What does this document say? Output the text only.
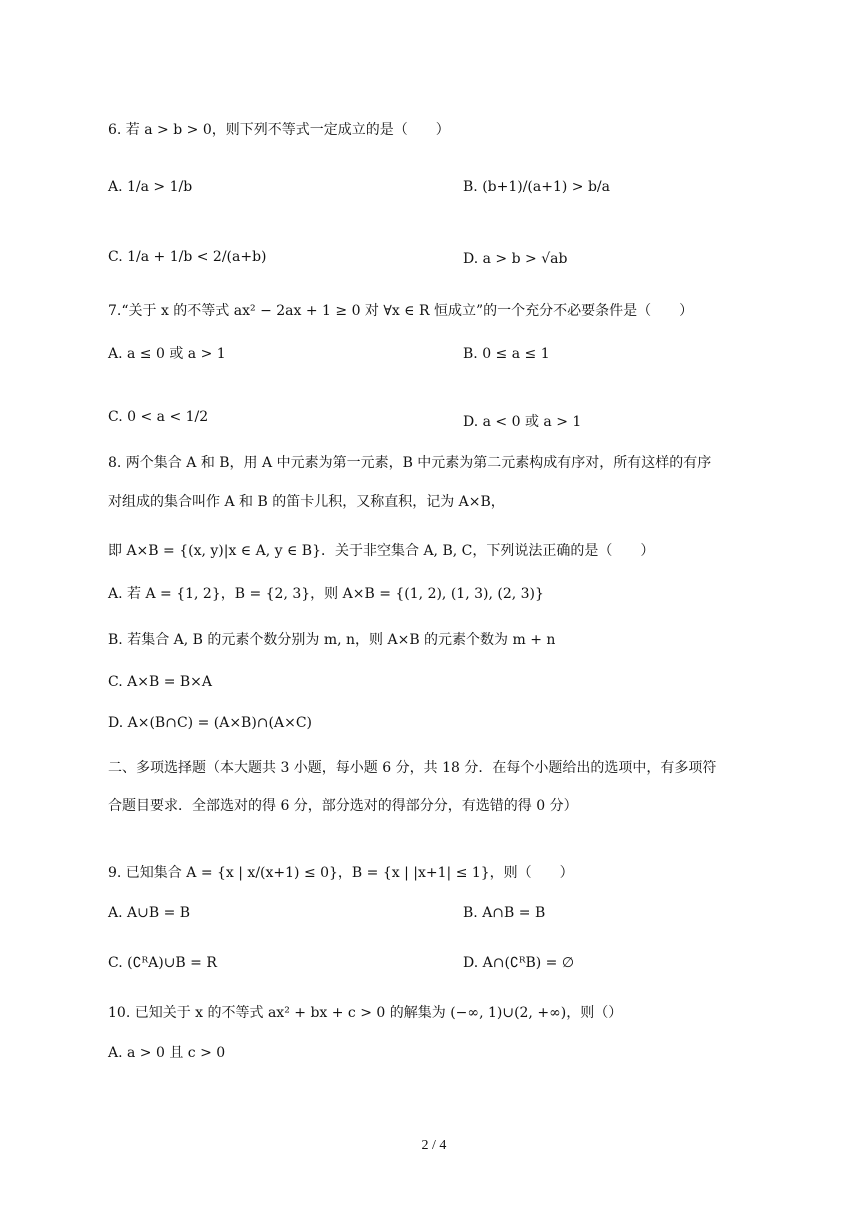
6. 若 a > b > 0，则下列不等式一定成立的是（　　）
A. 1/a > 1/b	B. (b+1)/(a+1) > b/a
C. 1/a + 1/b < 2/(a+b)	D. a > b > √ab
7.“关于 x 的不等式 ax² − 2ax + 1 ≥ 0 对 ∀x ∈ R 恒成立”的一个充分不必要条件是（　　）
A. a ≤ 0 或 a > 1	B. 0 ≤ a ≤ 1
C. 0 < a < 1/2	D. a < 0 或 a > 1
8. 两个集合 A 和 B，用 A 中元素为第一元素，B 中元素为第二元素构成有序对，所有这样的有序
对组成的集合叫作 A 和 B 的笛卡儿积，又称直积，记为 A×B，
即 A×B = {(x, y)|x ∈ A, y ∈ B}．关于非空集合 A, B, C，下列说法正确的是（　　）
A. 若 A = {1, 2}，B = {2, 3}，则 A×B = {(1, 2), (1, 3), (2, 3)}
B. 若集合 A, B 的元素个数分别为 m, n，则 A×B 的元素个数为 m + n
C. A×B = B×A
D. A×(B∩C) = (A×B)∩(A×C)
二、多项选择题（本大题共 3 小题，每小题 6 分，共 18 分．在每个小题给出的选项中，有多项符
合题目要求．全部选对的得 6 分，部分选对的得部分分，有选错的得 0 分）
9. 已知集合 A = {x | x/(x+1) ≤ 0}，B = {x | |x+1| ≤ 1}，则（　　）
A. A∪B = B	B. A∩B = B
C. (∁ᴿA)∪B = R	D. A∩(∁ᴿB) = ∅
10. 已知关于 x 的不等式 ax² + bx + c > 0 的解集为 (−∞, 1)∪(2, +∞)，则（）
A. a > 0 且 c > 0
2 / 4
